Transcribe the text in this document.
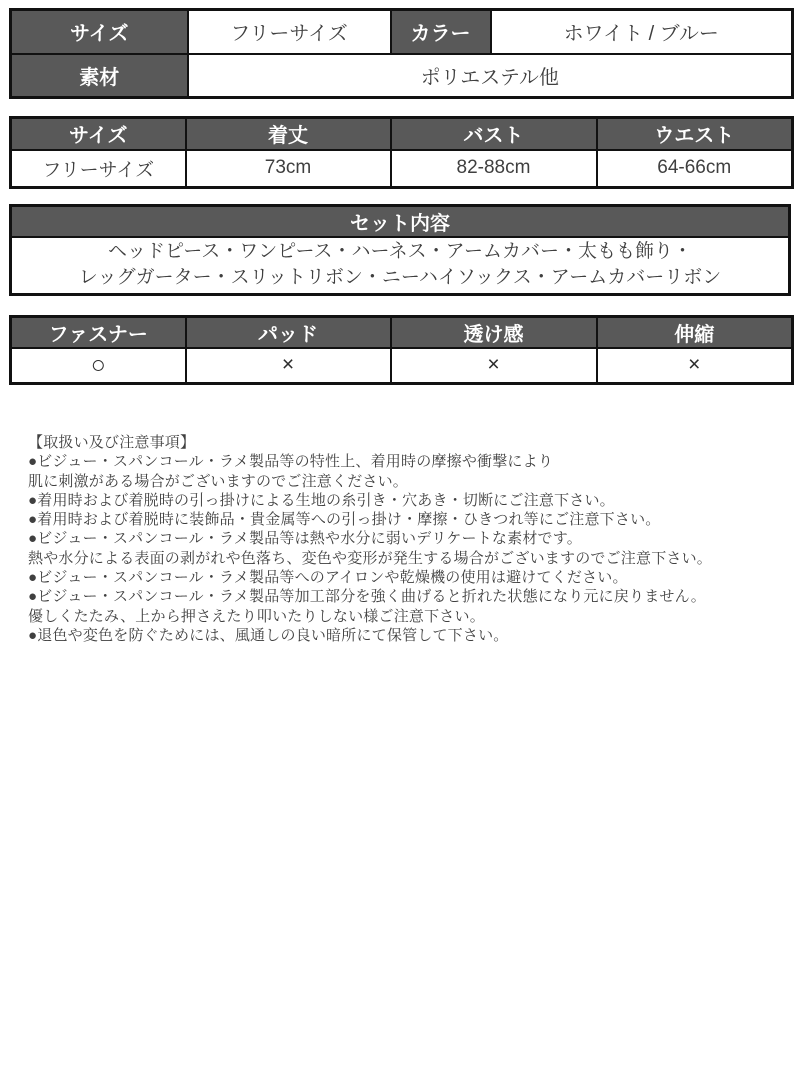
サイズ	フリーサイズ	カラー	ホワイト / ブルー
素材	ポリエステル他		
サイズ	着丈	バスト	ウエスト
フリーサイズ	73cm	82-88cm	64-66cm
セット内容

ヘッドピース・ワンピース・ハーネス・アームカバー・太もも飾り・
レッグガーター・スリットリボン・ニーハイソックス・アームカバーリボン
ファスナー	パッド	透け感	伸縮
○	×	×	×
【取扱い及び注意事項】
●ビジュー・スパンコール・ラメ製品等の特性上、着用時の摩擦や衝撃により
肌に刺激がある場合がございますのでご注意ください。
●着用時および着脱時の引っ掛けによる生地の糸引き・穴あき・切断にご注意下さい。
●着用時および着脱時に装飾品・貴金属等への引っ掛け・摩擦・ひきつれ等にご注意下さい。
●ビジュー・スパンコール・ラメ製品等は熱や水分に弱いデリケートな素材です。
熱や水分による表面の剥がれや色落ち、変色や変形が発生する場合がございますのでご注意下さい。
●ビジュー・スパンコール・ラメ製品等へのアイロンや乾燥機の使用は避けてください。
●ビジュー・スパンコール・ラメ製品等加工部分を強く曲げると折れた状態になり元に戻りません。
優しくたたみ、上から押さえたり叩いたりしない様ご注意下さい。
●退色や変色を防ぐためには、風通しの良い暗所にて保管して下さい。
